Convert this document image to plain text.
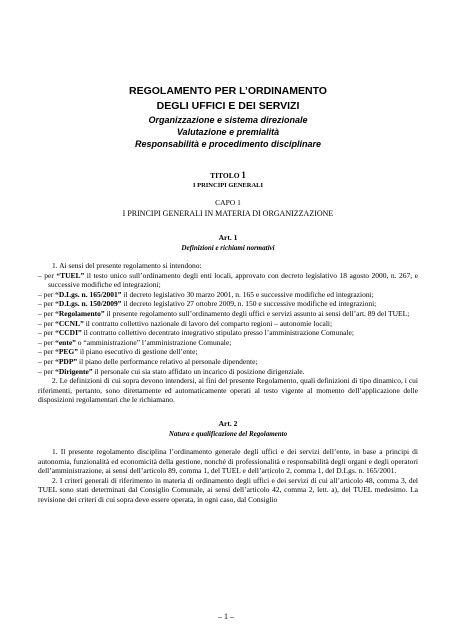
REGOLAMENTO PER L’ORDINAMENTO
DEGLI UFFICI E DEI SERVIZI
Organizzazione e sistema direzionale
Valutazione e premialità
Responsabilità e procedimento disciplinare
TITOLO 1
I PRINCIPI GENERALI
CAPO 1
I PRINCIPI GENERALI IN MATERIA DI ORGANIZZAZIONE
Art. 1
Definizioni e richiami normativi

1. Ai sensi del presente regolamento si intendono:

– per “TUEL” il testo unico sull’ordinamento degli enti locali, approvato con decreto legislativo 18 agosto 2000, n. 267, e successive modifiche ed integrazioni;

– per “D.Lgs. n. 165/2001” il decreto legislativo 30 marzo 2001, n. 165 e successive modifiche ed integrazioni;

– per “D.Lgs. n. 150/2009” il decreto legislativo 27 ottobre 2009, n. 150 e successive modifiche ed integrazioni;

– per “Regolamento” il presente regolamento sull’ordinamento degli uffici e servizi assunto ai sensi dell’art. 89 del TUEL;

– per “CCNL” il contratto collettivo nazionale di lavoro del comparto regioni – autonomie locali;

– per “CCDI” il contratto collettivo decentrato integrativo stipulato presso l’amministrazione Comunale;

– per “ente” o “amministrazione” l’amministrazione Comunale;

– per “PEG” il piano esecutivo di gestione dell’ente;

– per “PDP” il piano delle performance relativo al personale dipendente;

– per “Dirigente” il personale cui sia stato affidato un incarico di posizione dirigenziale.

2. Le definizioni di cui sopra devono intendersi, ai fini del presente Regolamento, quali definizioni di tipo dinamico, i cui riferimenti, pertanto, sono direttamente ed automaticamente operati al testo vigente al momento dell’applicazione delle disposizioni regolamentari che le richiamano.

Art. 2
Natura e qualificazione del Regolamento

1. Il presente regolamento disciplina l’ordinamento generale degli uffici e dei servizi dell’ente, in base a principi di autonomia, funzionalità ed economicità della gestione, nonché di professionalità e responsabilità degli organi e degli operatori dell’amministrazione, ai sensi dell’articolo 89, comma 1, del TUEL e dell’articolo 2, comma 1, del D.Lgs. n. 165/2001.

2. I criteri generali di riferimento in materia di ordinamento degli uffici e dei servizi di cui all’articolo 48, comma 3, del TUEL sono stati determinati dal Consiglio Comunale, ai sensi dell’articolo 42, comma 2, lett. a), del TUEL medesimo. La revisione dei criteri di cui sopra deve essere operata, in ogni caso, dal Consiglio

– 1 –
